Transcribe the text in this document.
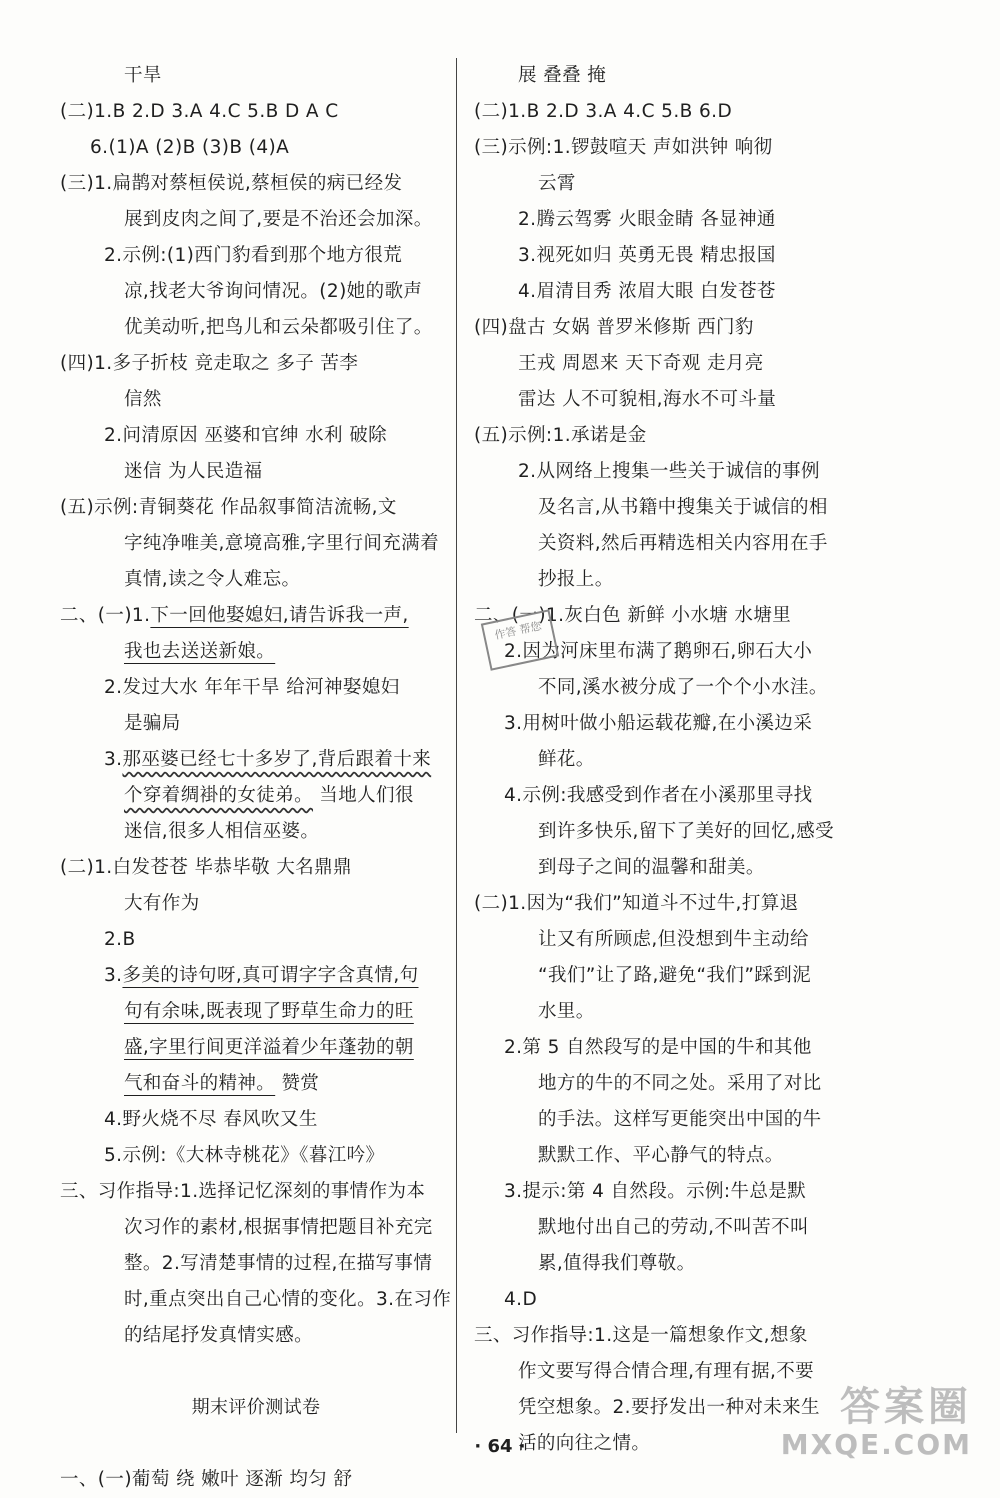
干旱
(二)1.B 2.D 3.A 4.C 5.B D A C
6.(1)A (2)B (3)B (4)A
(三)1.扁鹊对蔡桓侯说,蔡桓侯的病已经发
展到皮肉之间了,要是不治还会加深。
2.示例:(1)西门豹看到那个地方很荒
凉,找老大爷询问情况。(2)她的歌声
优美动听,把鸟儿和云朵都吸引住了。
(四)1.多子折枝 竞走取之 多子 苦李
信然
2.问清原因 巫婆和官绅 水利 破除
迷信 为人民造福
(五)示例:青铜葵花 作品叙事简洁流畅,文
字纯净唯美,意境高雅,字里行间充满着
真情,读之令人难忘。
二、(一)1.下一回他娶媳妇,请告诉我一声,
我也去送送新娘。
2.发过大水 年年干旱 给河神娶媳妇
是骗局
3.那巫婆已经七十多岁了,背后跟着十来
个穿着绸褂的女徒弟。 当地人们很
迷信,很多人相信巫婆。
(二)1.白发苍苍 毕恭毕敬 大名鼎鼎
大有作为
2.B
3.多美的诗句呀,真可谓字字含真情,句
句有余味,既表现了野草生命力的旺
盛,字里行间更洋溢着少年蓬勃的朝
气和奋斗的精神。 赞赏
4.野火烧不尽 春风吹又生
5.示例:《大林寺桃花》《暮江吟》
三、习作指导:1.选择记忆深刻的事情作为本
次习作的素材,根据事情把题目补充完
整。2.写清楚事情的过程,在描写事情
时,重点突出自己心情的变化。3.在习作
的结尾抒发真情实感。
期末评价测试卷
一、(一)葡萄 绕 嫩叶 逐渐 均匀 舒
展 叠叠 掩
(二)1.B 2.D 3.A 4.C 5.B 6.D
(三)示例:1.锣鼓喧天 声如洪钟 响彻
云霄
2.腾云驾雾 火眼金睛 各显神通
3.视死如归 英勇无畏 精忠报国
4.眉清目秀 浓眉大眼 白发苍苍
(四)盘古 女娲 普罗米修斯 西门豹
王戎 周恩来 天下奇观 走月亮
雷达 人不可貌相,海水不可斗量
(五)示例:1.承诺是金
2.从网络上搜集一些关于诚信的事例
及名言,从书籍中搜集关于诚信的相
关资料,然后再精选相关内容用在手
抄报上。
二、(一)1.灰白色 新鲜 小水塘 水塘里
2.因为河床里布满了鹅卵石,卵石大小
不同,溪水被分成了一个个小水洼。
3.用树叶做小船运载花瓣,在小溪边采
鲜花。
4.示例:我感受到作者在小溪那里寻找
到许多快乐,留下了美好的回忆,感受
到母子之间的温馨和甜美。
(二)1.因为“我们”知道斗不过牛,打算退
让又有所顾虑,但没想到牛主动给
“我们”让了路,避免“我们”踩到泥
水里。
2.第 5 自然段写的是中国的牛和其他
地方的牛的不同之处。采用了对比
的手法。这样写更能突出中国的牛
默默工作、平心静气的特点。
3.提示:第 4 自然段。示例:牛总是默
默地付出自己的劳动,不叫苦不叫
累,值得我们尊敬。
4.D
三、习作指导:1.这是一篇想象作文,想象
作文要写得合情合理,有理有据,不要
凭空想象。2.要抒发出一种对未来生
活的向往之情。
作答 帮您
· 64 ·
答案圈
MXQE.COM
